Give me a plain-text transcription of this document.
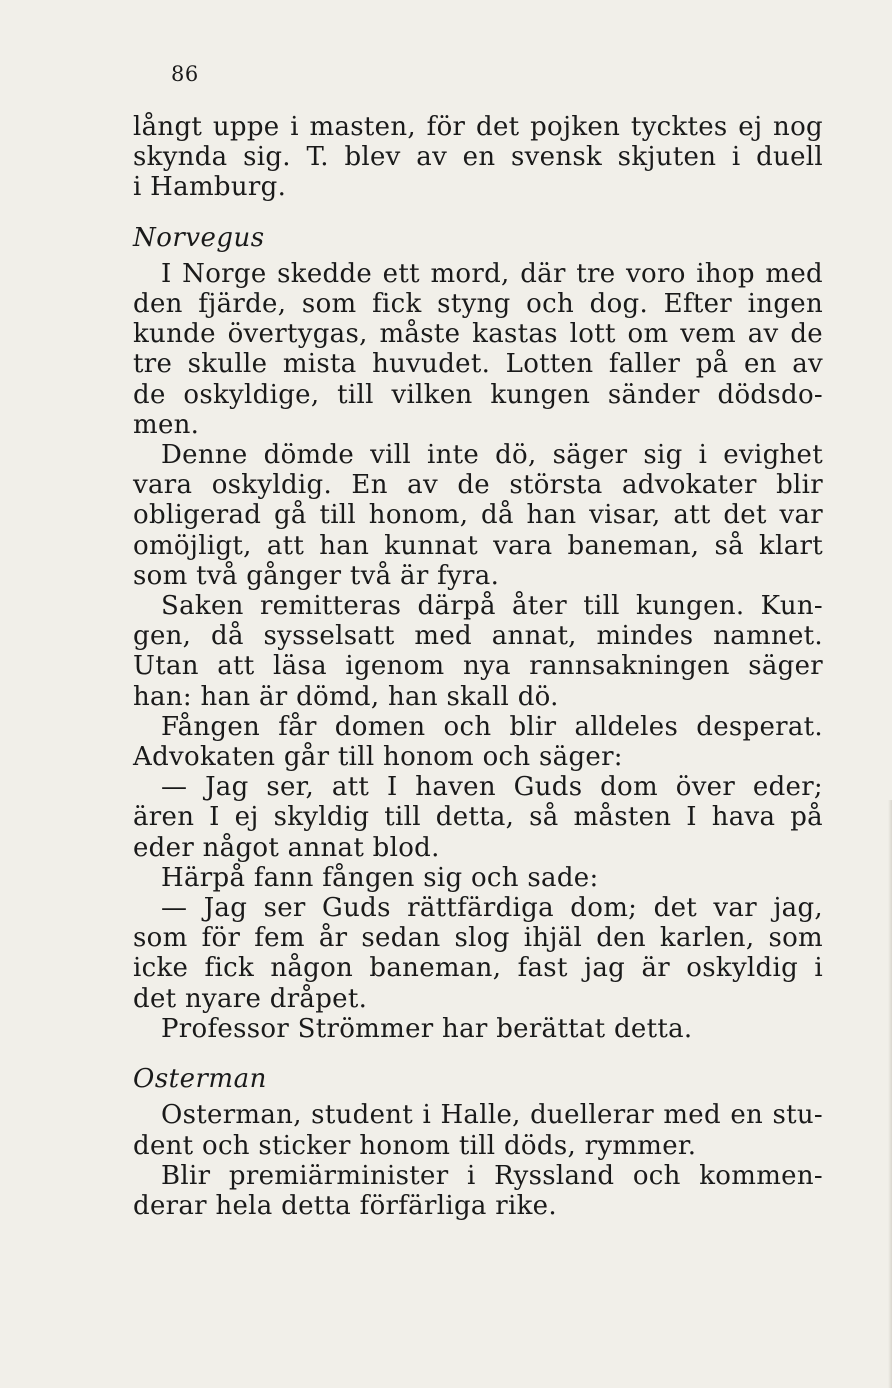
86
långt uppe i masten, för det pojken tycktes ej nog
skynda sig. T. blev av en svensk skjuten i duell
i Hamburg.
Norvegus
I Norge skedde ett mord, där tre voro ihop med
den fjärde, som fick styng och dog. Efter ingen
kunde övertygas, måste kastas lott om vem av de
tre skulle mista huvudet. Lotten faller på en av
de oskyldige, till vilken kungen sänder dödsdo-
men.
Denne dömde vill inte dö, säger sig i evighet
vara oskyldig. En av de största advokater blir
obligerad gå till honom, då han visar, att det var
omöjligt, att han kunnat vara baneman, så klart
som två gånger två är fyra.
Saken remitteras därpå åter till kungen. Kun-
gen, då sysselsatt med annat, mindes namnet.
Utan att läsa igenom nya rannsakningen säger
han: han är dömd, han skall dö.
Fången får domen och blir alldeles desperat.
Advokaten går till honom och säger:
— Jag ser, att I haven Guds dom över eder;
ären I ej skyldig till detta, så måsten I hava på
eder något annat blod.
Härpå fann fången sig och sade:
— Jag ser Guds rättfärdiga dom; det var jag,
som för fem år sedan slog ihjäl den karlen, som
icke fick någon baneman, fast jag är oskyldig i
det nyare dråpet.
Professor Strömmer har berättat detta.
Osterman
Osterman, student i Halle, duellerar med en stu-
dent och sticker honom till döds, rymmer.
Blir premiärminister i Ryssland och kommen-
derar hela detta förfärliga rike.
